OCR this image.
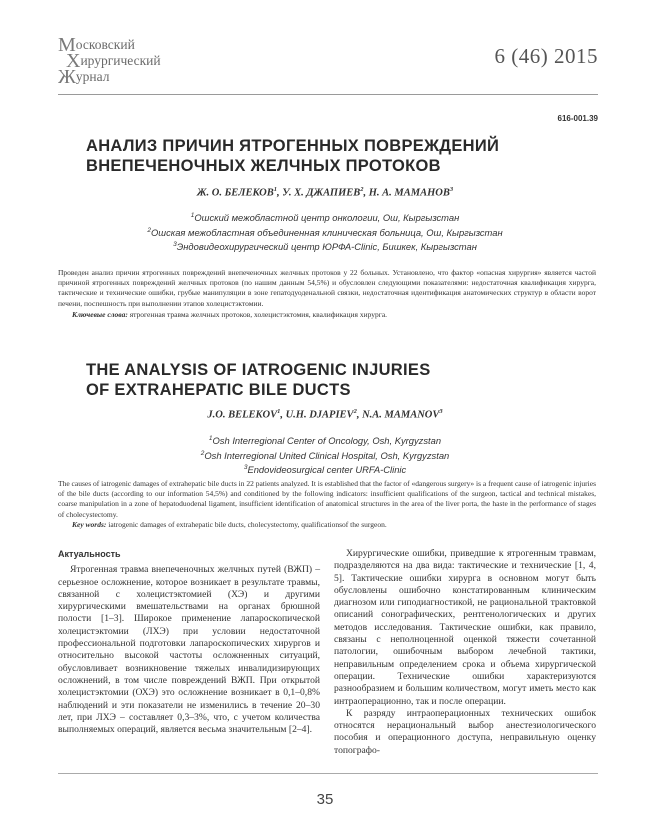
Московский
Хирургический
Журнал
6 (46) 2015
616-001.39
АНАЛИЗ ПРИЧИН ЯТРОГЕННЫХ ПОВРЕЖДЕНИЙ
ВНЕПЕЧЕНОЧНЫХ ЖЕЛЧНЫХ ПРОТОКОВ
Ж. О. БЕЛЕКОВ$^1$, У. Х. ДЖАПИЕВ$^2$, Н. А. МАМАНОВ$^3$
$^1$Ошский межобластной центр онкологии, Ош, Кыргызстан
$^2$Ошская межобластная объединенная клиническая больница, Ош, Кыргызстан
$^3$Эндовидеохирургический центр ЮРФА-Clinic, Бишкек, Кыргызстан

Проведен анализ причин ятрогенных повреждений внепеченочных желчных протоков у 22 больных. Установлено, что фактор «опасная хирургия» является частой причиной ятрогенных повреждений желчных протоков (по нашим данным 54,5%) и обусловлен следующими показателями: недостаточная квалификация хирурга, тактические и технические ошибки, грубые манипуляции в зоне гепатодуоденальной связки, недостаточная идентификация анатомических структур в области ворот печени, поспешность при выполнении этапов холецистэктомии.

Ключевые слова: ятрогенная травма желчных протоков, холецистэктомия, квалификация хирурга.
THE ANALYSIS OF IATROGENIC INJURIES
OF EXTRAHEPATIC BILE DUCTS
J.O. BELEKOV$^1$, U.H. DJAPIEV$^2$, N.A. MAMANOV$^3$
$^1$Osh Interregional Center of Oncology, Osh, Kyrgyzstan
$^2$Osh Interregional United Clinical Hospital, Osh, Kyrgyzstan
$^3$Endovideosurgical center URFA-Clinic

The causes of iatrogenic damages of extrahepatic bile ducts in 22 patients analyzed. It is established that the factor of «dangerous surgery» is a frequent cause of iatrogenic injuries of the bile ducts (according to our information 54,5%) and conditioned by the following indicators: insufficient qualifications of the surgeon, tactical and technical mistakes, coarse manipulation in a zone of hepatoduodenal ligament, insufficient identification of anatomical structures in the area of the liver porta, the haste in the performance of stages of cholecystectomy.

Key words: iatrogenic damages of extrahepatic bile ducts, cholecystectomy, qualificationsof the surgeon.
Актуальность

Ятрогенная травма внепеченочных желчных путей (ВЖП) – серьезное осложнение, которое возникает в результате травмы, связанной с холецистэктомией (ХЭ) и другими хирургическими вмешательствами на органах брюшной полости [1–3]. Широкое применение лапароскопической холецистэктомии (ЛХЭ) при условии недостаточной профессиональной подготовки лапароскопических хирургов и относительно высокой частоты осложненных ситуаций, обусловливает возникновение тяжелых инвалидизирующих осложнений, в том числе повреждений ВЖП. При открытой холецистэктомии (ОХЭ) это осложнение возникает в 0,1–0,8% наблюдений и эти показатели не изменились в течение 20–30 лет, при ЛХЭ – составляет 0,3–3%, что, с учетом количества выполняемых операций, является весьма значительным [2–4].

Хирургические ошибки, приведшие к ятрогенным травмам, подразделяются на два вида: тактические и технические [1, 4, 5]. Тактические ошибки хирурга в основном могут быть обусловлены ошибочно констатированным клиническим диагнозом или гиподиагностикой, не рациональной трактовкой описаний сонографических, рентгенологических и других методов исследования. Тактические ошибки, как правило, связаны с неполноценной оценкой тяжести сочетанной патологии, ошибочным выбором лечебной тактики, неправильным определением срока и объема хирургической операции. Технические ошибки характеризуются разнообразием и большим количеством, могут иметь место как интраоперационно, так и после операции.

К разряду интраоперационных технических ошибок относятся нерациональный выбор анестезиологического пособия и операционного доступа, неправильную оценку топографо-

35
